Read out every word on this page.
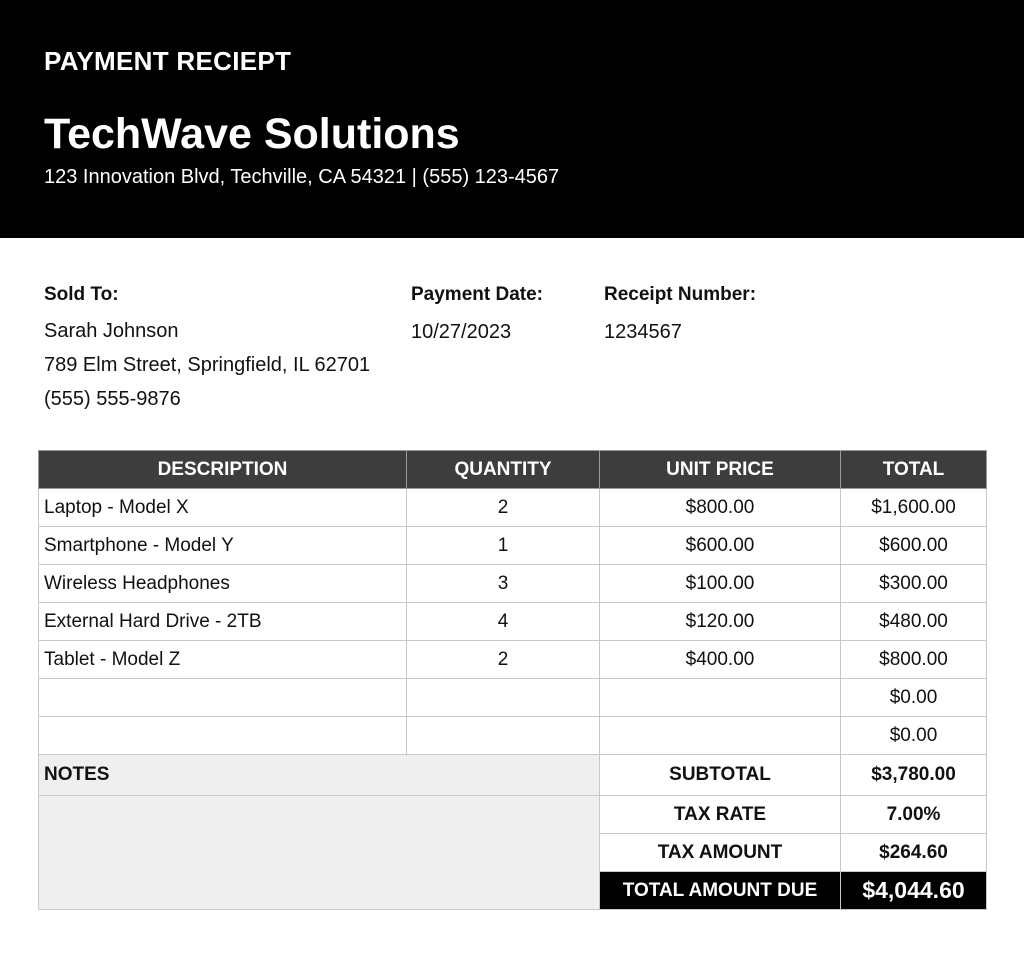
PAYMENT RECIEPT
TechWave Solutions
123 Innovation Blvd, Techville, CA 54321 | (555) 123-4567
Sold To:
Sarah Johnson
789 Elm Street, Springfield, IL 62701
(555) 555-9876
Payment Date:
10/27/2023
Receipt Number:
1234567
DESCRIPTION	QUANTITY	UNIT PRICE	TOTAL
Laptop - Model X	2	$800.00	$1,600.00
Smartphone - Model Y	1	$600.00	$600.00
Wireless Headphones	3	$100.00	$300.00
External Hard Drive - 2TB	4	$120.00	$480.00
Tablet - Model Z	2	$400.00	$800.00
			$0.00
			$0.00
NOTES		SUBTOTAL	$3,780.00
		TAX RATE	7.00%
		TAX AMOUNT	$264.60
		TOTAL AMOUNT DUE	$4,044.60
